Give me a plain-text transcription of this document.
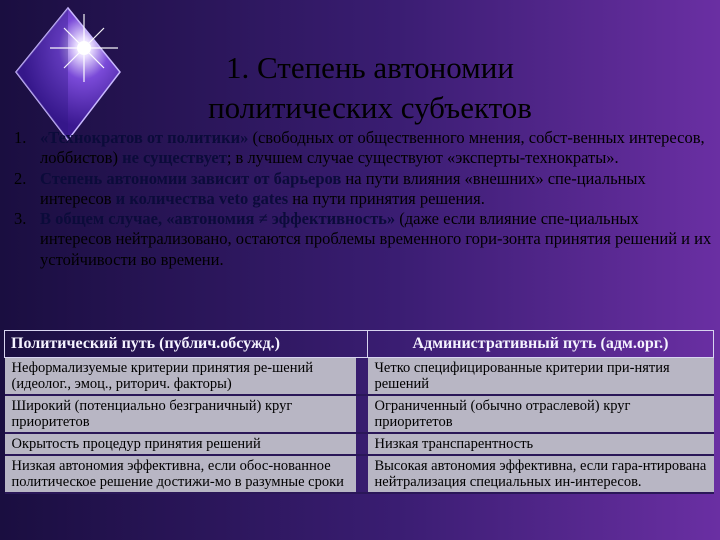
1. Степень автономии
политических субъектов
1. «Технократов от политики» (свободных от общественного мнения, собст-венных интересов, лоббистов) не существует; в лучшем случае существуют «эксперты-технократы».
2. Степень автономии зависит от барьеров на пути влияния «внешних» спе-циальных интересов и количества veto gates на пути принятия решения.
3. В общем случае, «автономия ≠ эффективность» (даже если влияние спе-циальных интересов нейтрализовано, остаются проблемы временного гори-зонта принятия решений и их устойчивости во времени.
Политический путь (публич.обсужд.)		Административный путь (адм.орг.)
Неформализуемые критерии принятия ре-шений (идеолог., эмоц., риторич. факторы)		Четко специфицированные критерии при-нятия решений
Широкий (потенциально безграничный) круг приоритетов		Ограниченный (обычно отраслевой) круг приоритетов
Окрытость процедур принятия решений		Низкая транспарентность
Низкая автономия эффективна, если обос-нованное политическое решение достижи-мо в разумные сроки		Высокая автономия эффективна, если гара-нтирована нейтрализация специальных ин-интересов.
